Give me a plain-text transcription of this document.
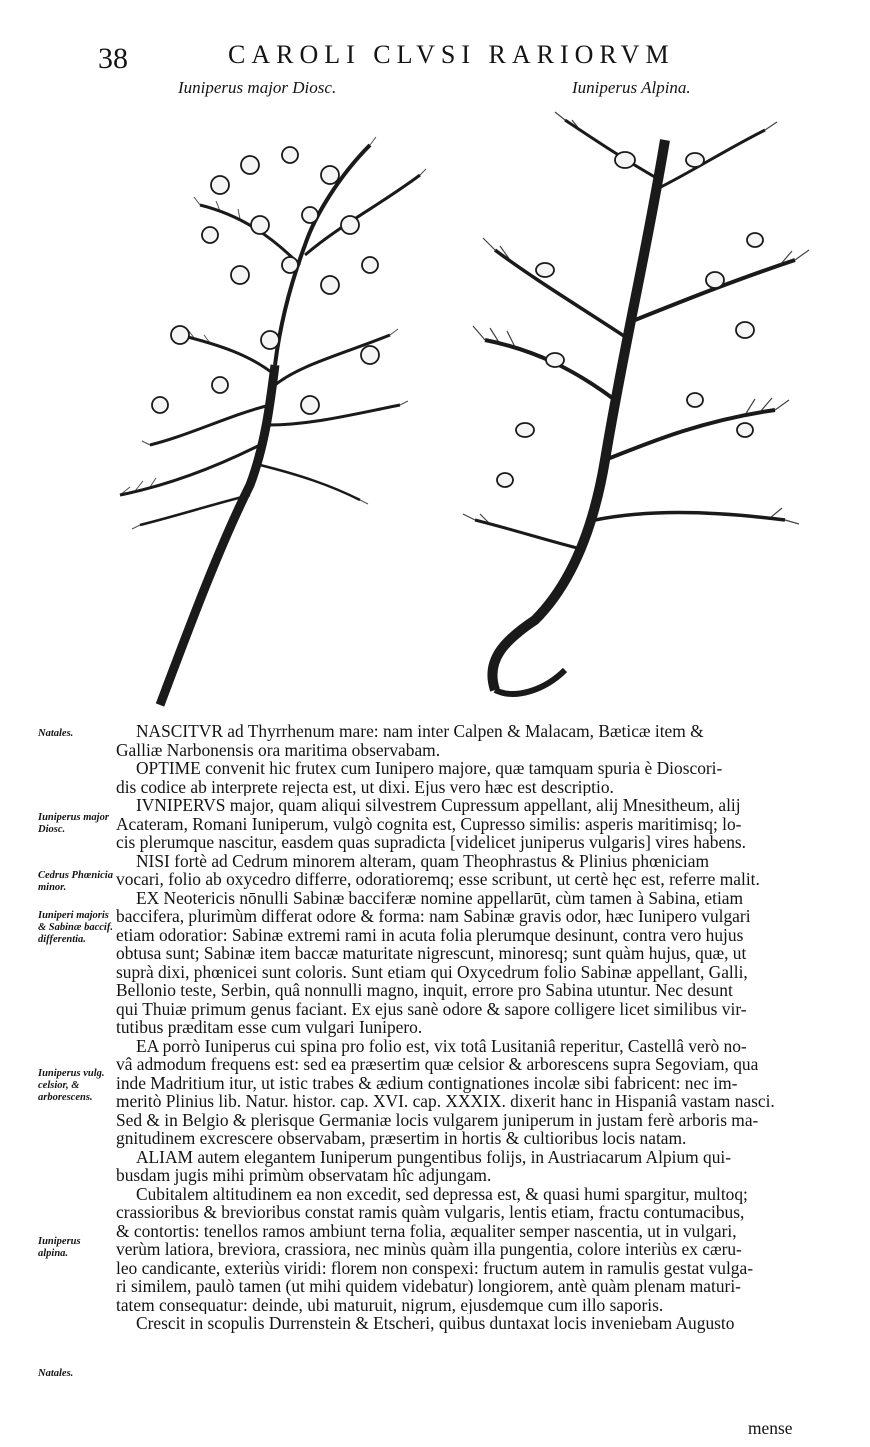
38	CAROLI CLVSI RARIORVM
Iuniperus major Diosc.	Iuniperus Alpina.
Natales.
Iuniperus major Diosc.
Cedrus Phœnicia minor.
Iuniperi majoris & Sabinæ baccif. differentia.
Iuniperus vulg. celsior, & arborescens.
Iuniperus alpina.
Natales.

NASCITVR ad Thyrrhenum mare: nam inter Calpen & Malacam, Bæticæ item &
Galliæ Narbonensis ora maritima observabam.

OPTIME convenit hic frutex cum Iunipero majore, quæ tamquam spuria è Dioscori-
dis codice ab interprete rejecta est, ut dixi. Ejus vero hæc est descriptio.

IVNIPERVS major, quam aliqui silvestrem Cupressum appellant, alij Mnesitheum, alij
Acateram, Romani Iuniperum, vulgò cognita est, Cupresso similis: asperis maritimisq; lo-
cis plerumque nascitur, easdem quas supradicta [videlicet juniperus vulgaris] vires habens.

NISI fortè ad Cedrum minorem alteram, quam Theophrastus & Plinius phœniciam
vocari, folio ab oxycedro differre, odoratioremq; esse scribunt, ut certè hęc est, referre malit.

EX Neotericis nōnulli Sabinæ bacciferæ nomine appellarūt, cùm tamen à Sabina, etiam
baccifera, plurimùm differat odore & forma: nam Sabinæ gravis odor, hæc Iunipero vulgari
etiam odoratior: Sabinæ extremi rami in acuta folia plerumque desinunt, contra vero hujus
obtusa sunt; Sabinæ item baccæ maturitate nigrescunt, minoresq; sunt quàm hujus, quæ, ut
suprà dixi, phœnicei sunt coloris. Sunt etiam qui Oxycedrum folio Sabinæ appellant, Galli,
Bellonio teste, Serbin, quâ nonnulli magno, inquit, errore pro Sabina utuntur. Nec desunt
qui Thuiæ primum genus faciant. Ex ejus sanè odore & sapore colligere licet similibus vir-
tutibus præditam esse cum vulgari Iunipero.

EA porrò Iuniperus cui spina pro folio est, vix totâ Lusitaniâ reperitur, Castellâ verò no-
vâ admodum frequens est: sed ea præsertim quæ celsior & arborescens supra Segoviam, qua
inde Madritium itur, ut istic trabes & ædium contignationes incolæ sibi fabricent: nec im-
meritò Plinius lib. Natur. histor. cap. XVI. cap. XXXIX. dixerit hanc in Hispaniâ vastam nasci.
Sed & in Belgio & plerisque Germaniæ locis vulgarem juniperum in justam ferè arboris ma-
gnitudinem excrescere observabam, præsertim in hortis & cultioribus locis natam.

ALIAM autem elegantem Iuniperum pungentibus folijs, in Austriacarum Alpium qui-
busdam jugis mihi primùm observatam hîc adjungam.

Cubitalem altitudinem ea non excedit, sed depressa est, & quasi humi spargitur, multoq;
crassioribus & brevioribus constat ramis quàm vulgaris, lentis etiam, fractu contumacibus,
& contortis: tenellos ramos ambiunt terna folia, æqualiter semper nascentia, ut in vulgari,
verùm latiora, breviora, crassiora, nec minùs quàm illa pungentia, colore interiùs ex cæru-
leo candicante, exteriùs viridi: florem non conspexi: fructum autem in ramulis gestat vulga-
ri similem, paulò tamen (ut mihi quidem videbatur) longiorem, antè quàm plenam maturi-
tatem consequatur: deinde, ubi maturuit, nigrum, ejusdemque cum illo saporis.

Crescit in scopulis Durrenstein & Etscheri, quibus duntaxat locis inveniebam Augusto

mense
